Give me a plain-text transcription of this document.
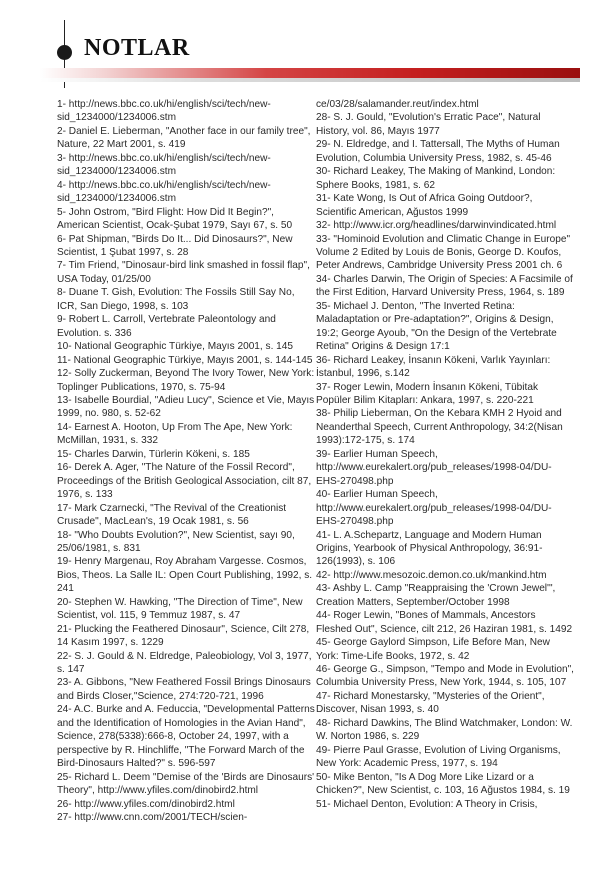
NOTLAR

1- http://news.bbc.co.uk/hi/english/sci/tech/new-sid_1234000/1234006.stm

2- Daniel E. Lieberman, "Another face in our family tree", Nature, 22 Mart 2001, s. 419

3- http://news.bbc.co.uk/hi/english/sci/tech/new-sid_1234000/1234006.stm

4- http://news.bbc.co.uk/hi/english/sci/tech/new-sid_1234000/1234006.stm

5- John Ostrom, "Bird Flight: How Did It Begin?", American Scientist, Ocak-Şubat 1979, Sayı 67, s. 50

6- Pat Shipman, "Birds Do It... Did Dinosaurs?", New Scientist, 1 Şubat 1997, s. 28

7- Tim Friend, "Dinosaur-bird link smashed in fossil flap", USA Today, 01/25/00

8- Duane T. Gish, Evolution: The Fossils Still Say No, ICR, San Diego, 1998, s. 103

9- Robert L. Carroll, Vertebrate Paleontology and Evolution. s. 336

10- National Geographic Türkiye, Mayıs 2001, s. 145

11- National Geographic Türkiye, Mayıs 2001, s. 144-145

12- Solly Zuckerman, Beyond The Ivory Tower, New York: Toplinger Publications, 1970, s. 75-94

13- Isabelle Bourdial, "Adieu Lucy", Science et Vie, Mayıs 1999, no. 980, s. 52-62

14- Earnest A. Hooton, Up From The Ape, New York: McMillan, 1931, s. 332

15- Charles Darwin, Türlerin Kökeni, s. 185

16- Derek A. Ager, "The Nature of the Fossil Record", Proceedings of the British Geological Association, cilt 87, 1976, s. 133

17- Mark Czarnecki, "The Revival of the Creationist Crusade", MacLean's, 19 Ocak 1981, s. 56

18- "Who Doubts Evolution?", New Scientist, sayı 90, 25/06/1981, s. 831

19- Henry Margenau, Roy Abraham Vargesse. Cosmos, Bios, Theos. La Salle IL: Open Court Publishing, 1992, s. 241

20- Stephen W. Hawking, "The Direction of Time", New Scientist, vol. 115, 9 Temmuz 1987, s. 47

21- Plucking the Feathered Dinosaur", Science, Cilt 278, 14 Kasım 1997, s. 1229

22- S. J. Gould & N. Eldredge, Paleobiology, Vol 3, 1977, s. 147

23- A. Gibbons, "New Feathered Fossil Brings Dinosaurs and Birds Closer,"Science, 274:720-721, 1996

24- A.C. Burke and A. Feduccia, "Developmental Patterns and the Identification of Homologies in the Avian Hand", Science, 278(5338):666-8, October 24, 1997, with a perspective by R. Hinchliffe, "The Forward March of the Bird-Dinosaurs Halted?" s. 596-597

25- Richard L. Deem "Demise of the 'Birds are Dinosaurs' Theory", http://www.yfiles.com/dinobird2.html

26- http://www.yfiles.com/dinobird2.html

27- http://www.cnn.com/2001/TECH/scien-

ce/03/28/salamander.reut/index.html

28- S. J. Gould, "Evolution's Erratic Pace", Natural History, vol. 86, Mayıs 1977

29- N. Eldredge, and I. Tattersall, The Myths of Human Evolution, Columbia University Press, 1982, s. 45-46

30- Richard Leakey, The Making of Mankind, London: Sphere Books, 1981, s. 62

31- Kate Wong, Is Out of Africa Going Outdoor?, Scientific American, Ağustos 1999

32- http://www.icr.org/headlines/darwinvindicated.html

33- "Hominoid Evolution and Climatic Change in Europe" Volume 2 Edited by Louis de Bonis, George D. Koufos, Peter Andrews, Cambridge University Press 2001 ch. 6

34- Charles Darwin, The Origin of Species: A Facsimile of the First Edition, Harvard University Press, 1964, s. 189

35- Michael J. Denton, "The Inverted Retina: Maladaptation or Pre-adaptation?", Origins & Design, 19:2; George Ayoub, "On the Design of the Vertebrate Retina" Origins & Design 17:1

36- Richard Leakey, İnsanın Kökeni, Varlık Yayınları: İstanbul, 1996, s.142

37- Roger Lewin, Modern İnsanın Kökeni, Tübitak Popüler Bilim Kitapları: Ankara, 1997, s. 220-221

38- Philip Lieberman, On the Kebara KMH 2 Hyoid and Neanderthal Speech, Current Anthropology, 34:2(Nisan 1993):172-175, s. 174

39- Earlier Human Speech, http://www.eurekalert.org/pub_releases/1998-04/DU-EHS-270498.php

40- Earlier Human Speech, http://www.eurekalert.org/pub_releases/1998-04/DU-EHS-270498.php

41- L. A.Schepartz, Language and Modern Human Origins, Yearbook of Physical Anthropology, 36:91-126(1993), s. 106

42- http://www.mesozoic.demon.co.uk/mankind.htm

43- Ashby L. Camp "Reappraising the 'Crown Jewel'", Creation Matters, September/October 1998

44- Roger Lewin, "Bones of Mammals, Ancestors Fleshed Out", Science, cilt 212, 26 Haziran 1981, s. 1492

45- George Gaylord Simpson, Life Before Man, New York: Time-Life Books, 1972, s. 42

46- George G., Simpson, "Tempo and Mode in Evolution", Columbia University Press, New York, 1944, s. 105, 107

47- Richard Monestarsky, "Mysteries of the Orient", Discover, Nisan 1993, s. 40

48- Richard Dawkins, The Blind Watchmaker, London: W. W. Norton 1986, s. 229

49- Pierre Paul Grasse, Evolution of Living Organisms, New York: Academic Press, 1977, s. 194

50- Mike Benton, "Is A Dog More Like Lizard or a Chicken?", New Scientist, c. 103, 16 Ağustos 1984, s. 19

51- Michael Denton, Evolution: A Theory in Crisis,
